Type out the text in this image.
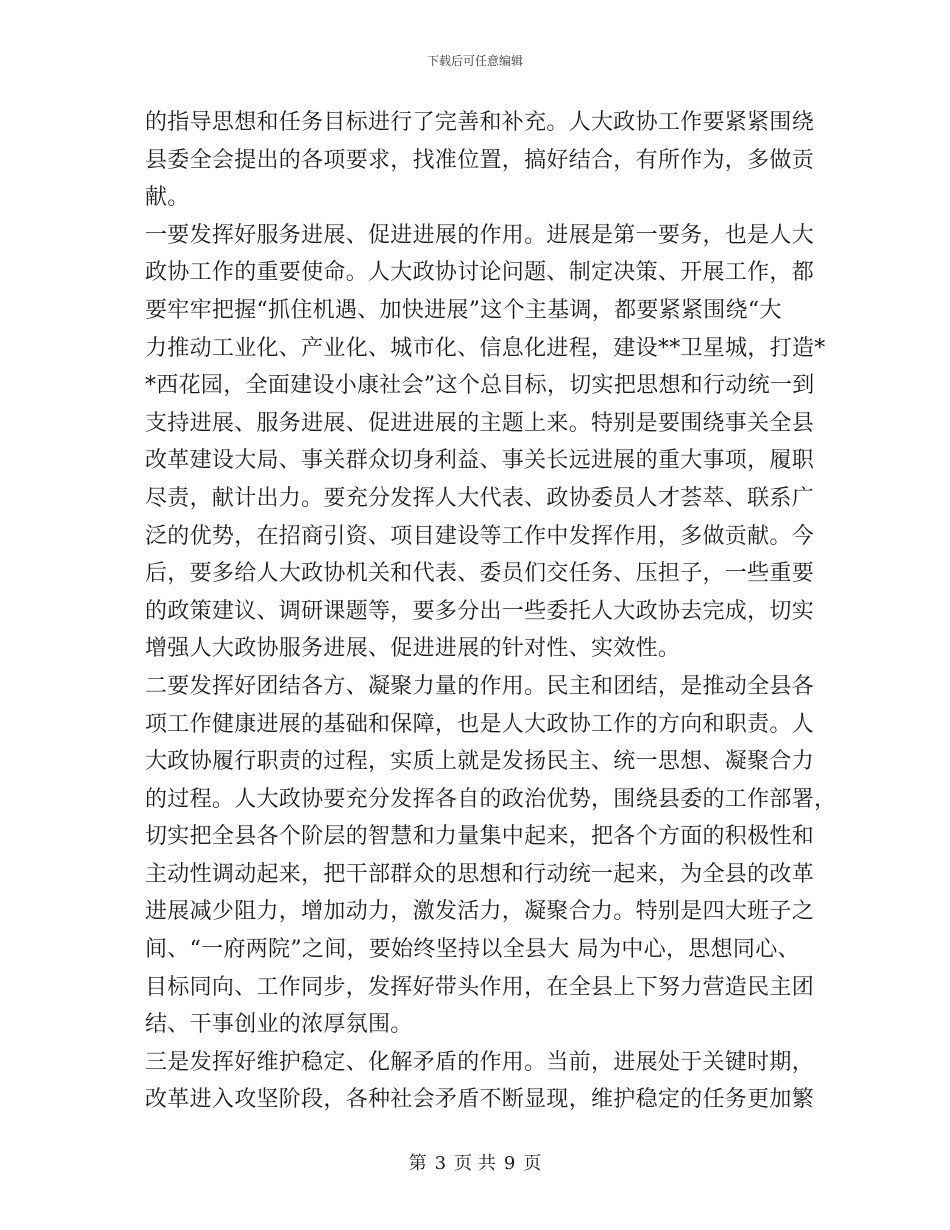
下载后可任意编辑
的指导思想和任务目标进行了完善和补充。人大政协工作要紧紧围绕
县委全会提出的各项要求，找准位置，搞好结合，有所作为，多做贡
献。
一要发挥好服务进展、促进进展的作用。进展是第一要务，也是人大
政协工作的重要使命。人大政协讨论问题、制定决策、开展工作，都
要牢牢把握“抓住机遇、加快进展”这个主基调，都要紧紧围绕“大
力推动工业化、产业化、城市化、信息化进程，建设**卫星城，打造*
*西花园，全面建设小康社会”这个总目标，切实把思想和行动统一到
支持进展、服务进展、促进进展的主题上来。特别是要围绕事关全县
改革建设大局、事关群众切身利益、事关长远进展的重大事项，履职
尽责，献计出力。要充分发挥人大代表、政协委员人才荟萃、联系广
泛的优势，在招商引资、项目建设等工作中发挥作用，多做贡献。今
后，要多给人大政协机关和代表、委员们交任务、压担子，一些重要
的政策建议、调研课题等，要多分出一些委托人大政协去完成，切实
增强人大政协服务进展、促进进展的针对性、实效性。
二要发挥好团结各方、凝聚力量的作用。民主和团结，是推动全县各
项工作健康进展的基础和保障，也是人大政协工作的方向和职责。人
大政协履行职责的过程，实质上就是发扬民主、统一思想、凝聚合力
的过程。人大政协要充分发挥各自的政治优势，围绕县委的工作部署，
切实把全县各个阶层的智慧和力量集中起来，把各个方面的积极性和
主动性调动起来，把干部群众的思想和行动统一起来，为全县的改革
进展减少阻力，增加动力，激发活力，凝聚合力。特别是四大班子之
间、“一府两院”之间，要始终坚持以全县大 局为中心，思想同心、
目标同向、工作同步，发挥好带头作用，在全县上下努力营造民主团
结、干事创业的浓厚氛围。
三是发挥好维护稳定、化解矛盾的作用。当前，进展处于关键时期，
改革进入攻坚阶段，各种社会矛盾不断显现，维护稳定的任务更加繁
第 3 页 共 9 页
